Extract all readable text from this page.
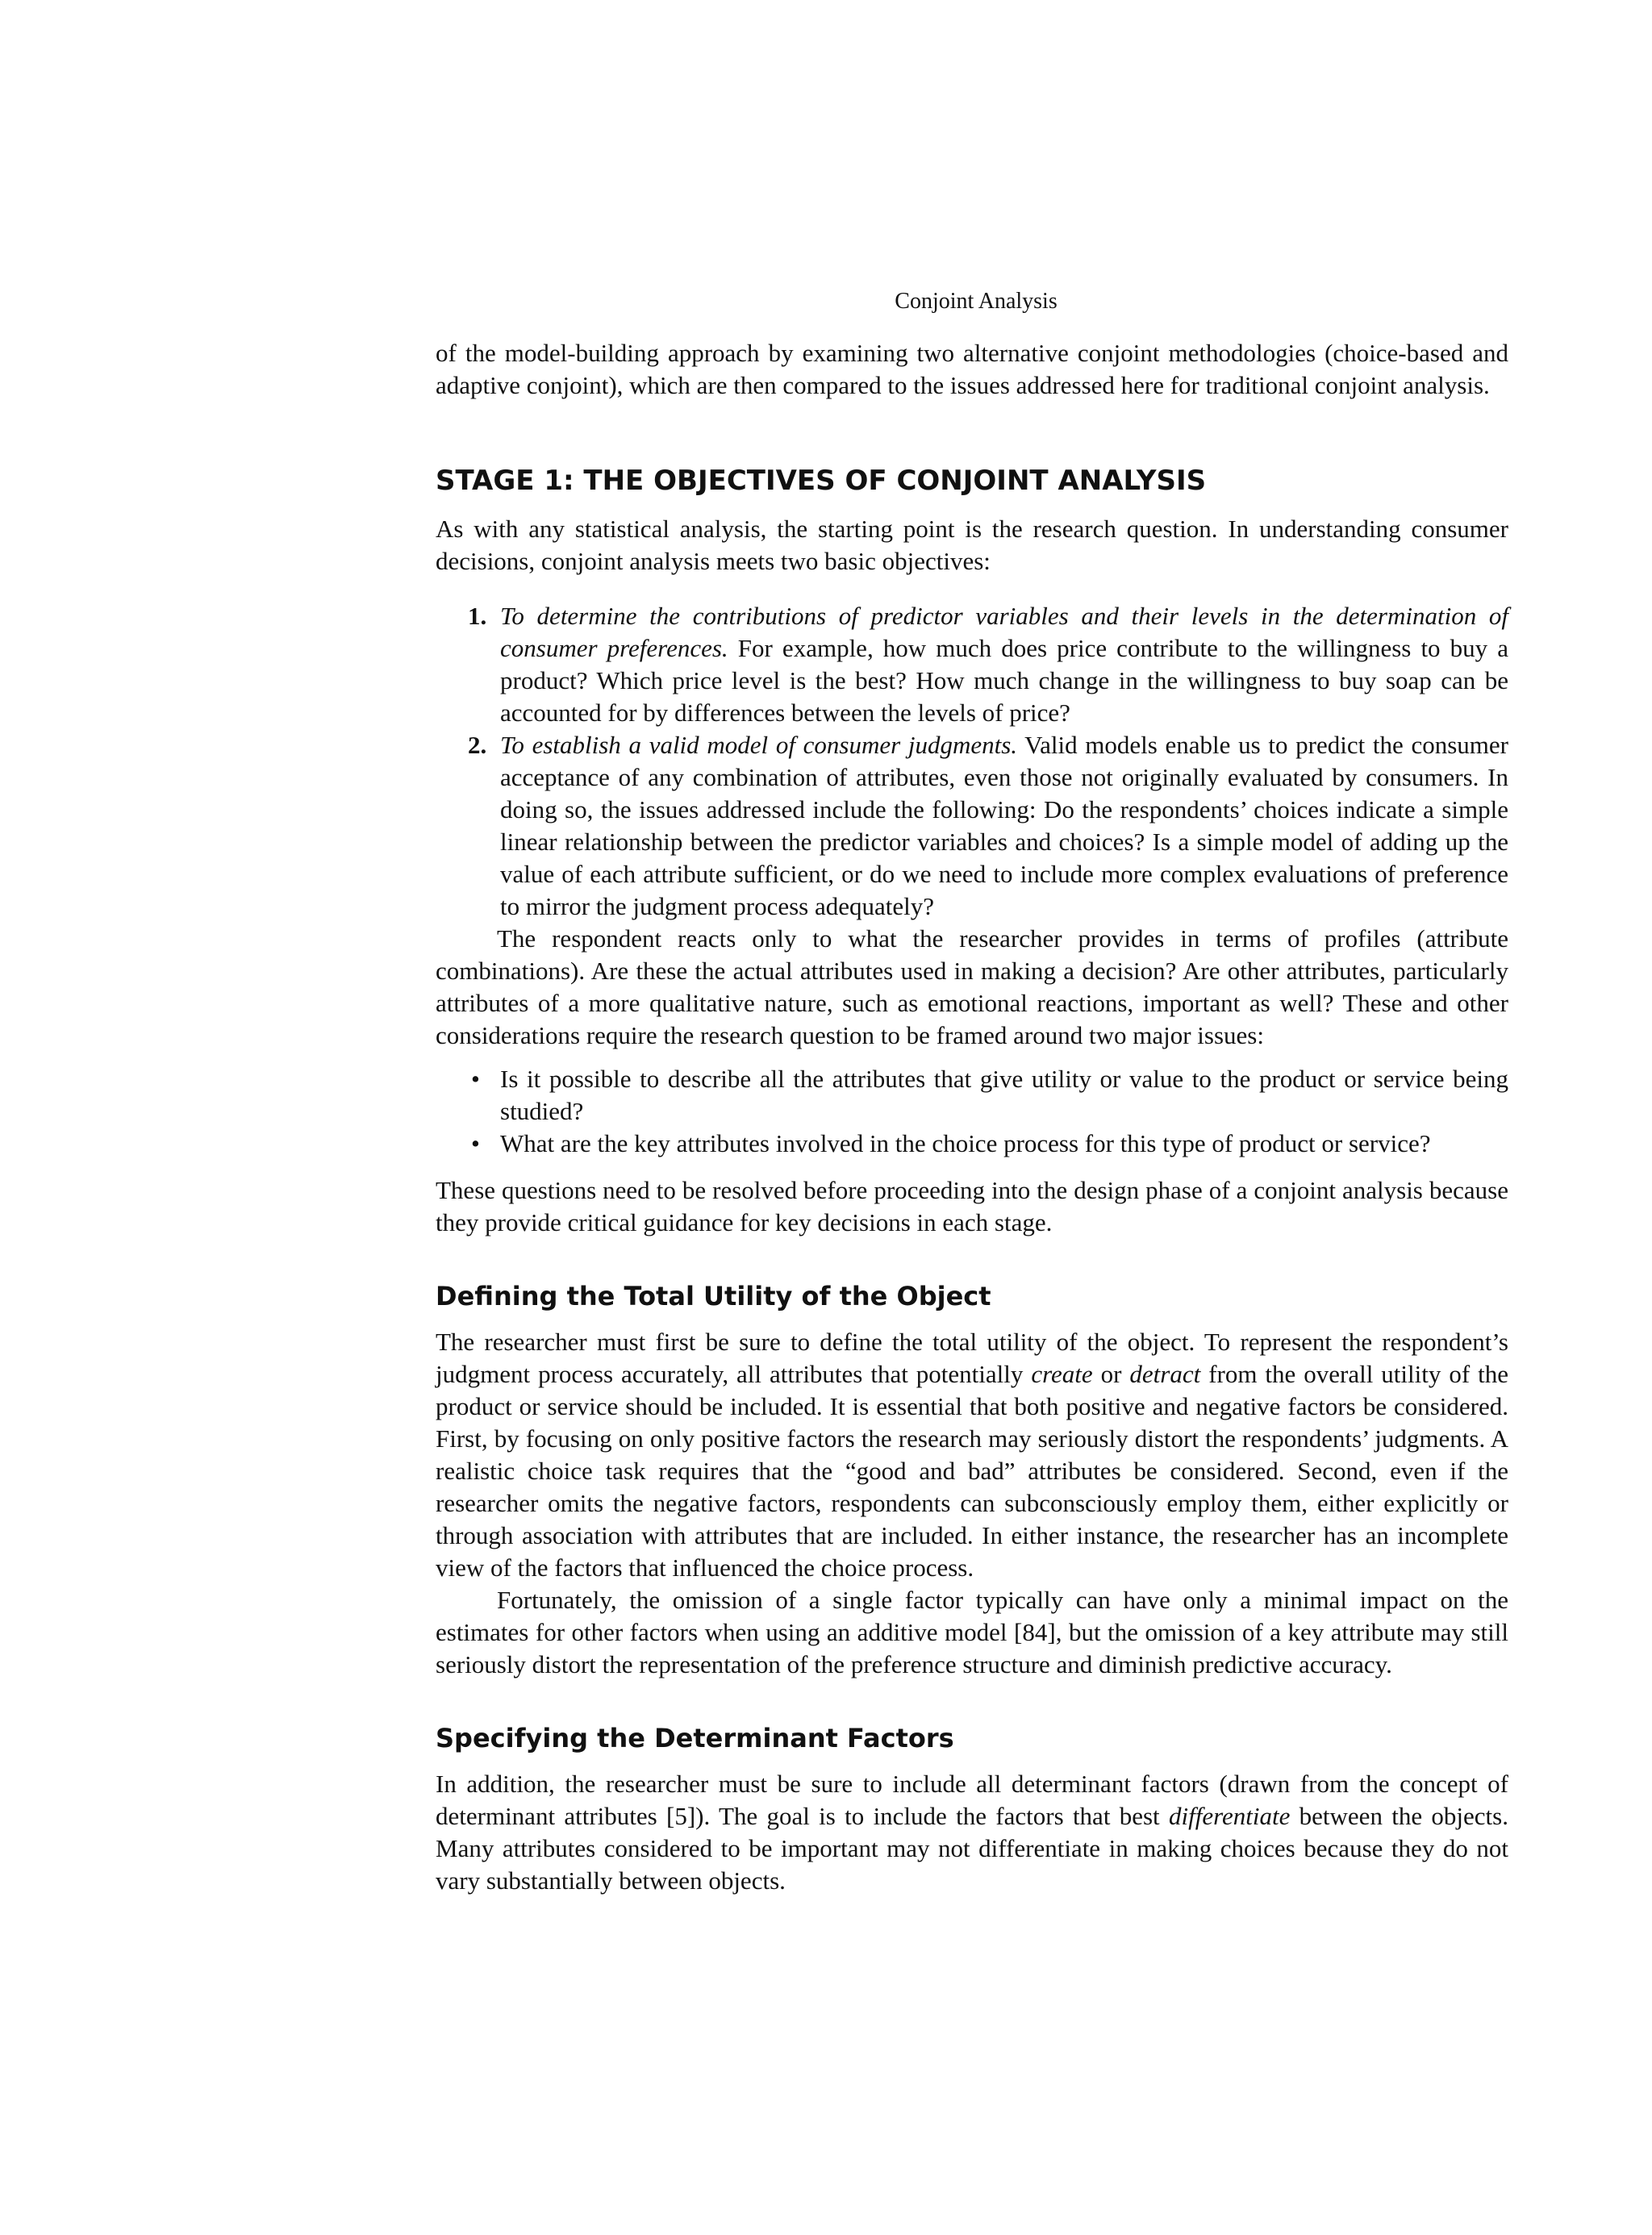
Conjoint Analysis

of the model-building approach by examining two alternative conjoint methodologies (choice-based and adaptive conjoint), which are then compared to the issues addressed here for traditional conjoint analysis.

STAGE 1: THE OBJECTIVES OF CONJOINT ANALYSIS

As with any statistical analysis, the starting point is the research question. In understanding consumer decisions, conjoint analysis meets two basic objectives:

1. To determine the contributions of predictor variables and their levels in the determination of consumer preferences. For example, how much does price contribute to the willingness to buy a product? Which price level is the best? How much change in the willingness to buy soap can be accounted for by differences between the levels of price?
2. To establish a valid model of consumer judgments. Valid models enable us to predict the consumer acceptance of any combination of attributes, even those not originally evaluated by consumers. In doing so, the issues addressed include the following: Do the respondents’ choices indicate a simple linear relationship between the predictor variables and choices? Is a simple model of adding up the value of each attribute sufficient, or do we need to include more complex evaluations of preference to mirror the judgment process adequately?

The respondent reacts only to what the researcher provides in terms of profiles (attribute combinations). Are these the actual attributes used in making a decision? Are other attributes, particularly attributes of a more qualitative nature, such as emotional reactions, important as well? These and other considerations require the research question to be framed around two major issues:

• Is it possible to describe all the attributes that give utility or value to the product or service being studied?
• What are the key attributes involved in the choice process for this type of product or service?

These questions need to be resolved before proceeding into the design phase of a conjoint analysis because they provide critical guidance for key decisions in each stage.

Defining the Total Utility of the Object

The researcher must first be sure to define the total utility of the object. To represent the respondent’s judgment process accurately, all attributes that potentially create or detract from the overall utility of the product or service should be included. It is essential that both positive and negative factors be considered. First, by focusing on only positive factors the research may seriously distort the respondents’ judgments. A realistic choice task requires that the “good and bad” attributes be considered. Second, even if the researcher omits the negative factors, respondents can subconsciously employ them, either explicitly or through association with attributes that are included. In either instance, the researcher has an incomplete view of the factors that influenced the choice process.

Fortunately, the omission of a single factor typically can have only a minimal impact on the estimates for other factors when using an additive model [84], but the omission of a key attribute may still seriously distort the representation of the preference structure and diminish predictive accuracy.

Specifying the Determinant Factors

In addition, the researcher must be sure to include all determinant factors (drawn from the concept of determinant attributes [5]). The goal is to include the factors that best differentiate between the objects. Many attributes considered to be important may not differentiate in making choices because they do not vary substantially between objects.
